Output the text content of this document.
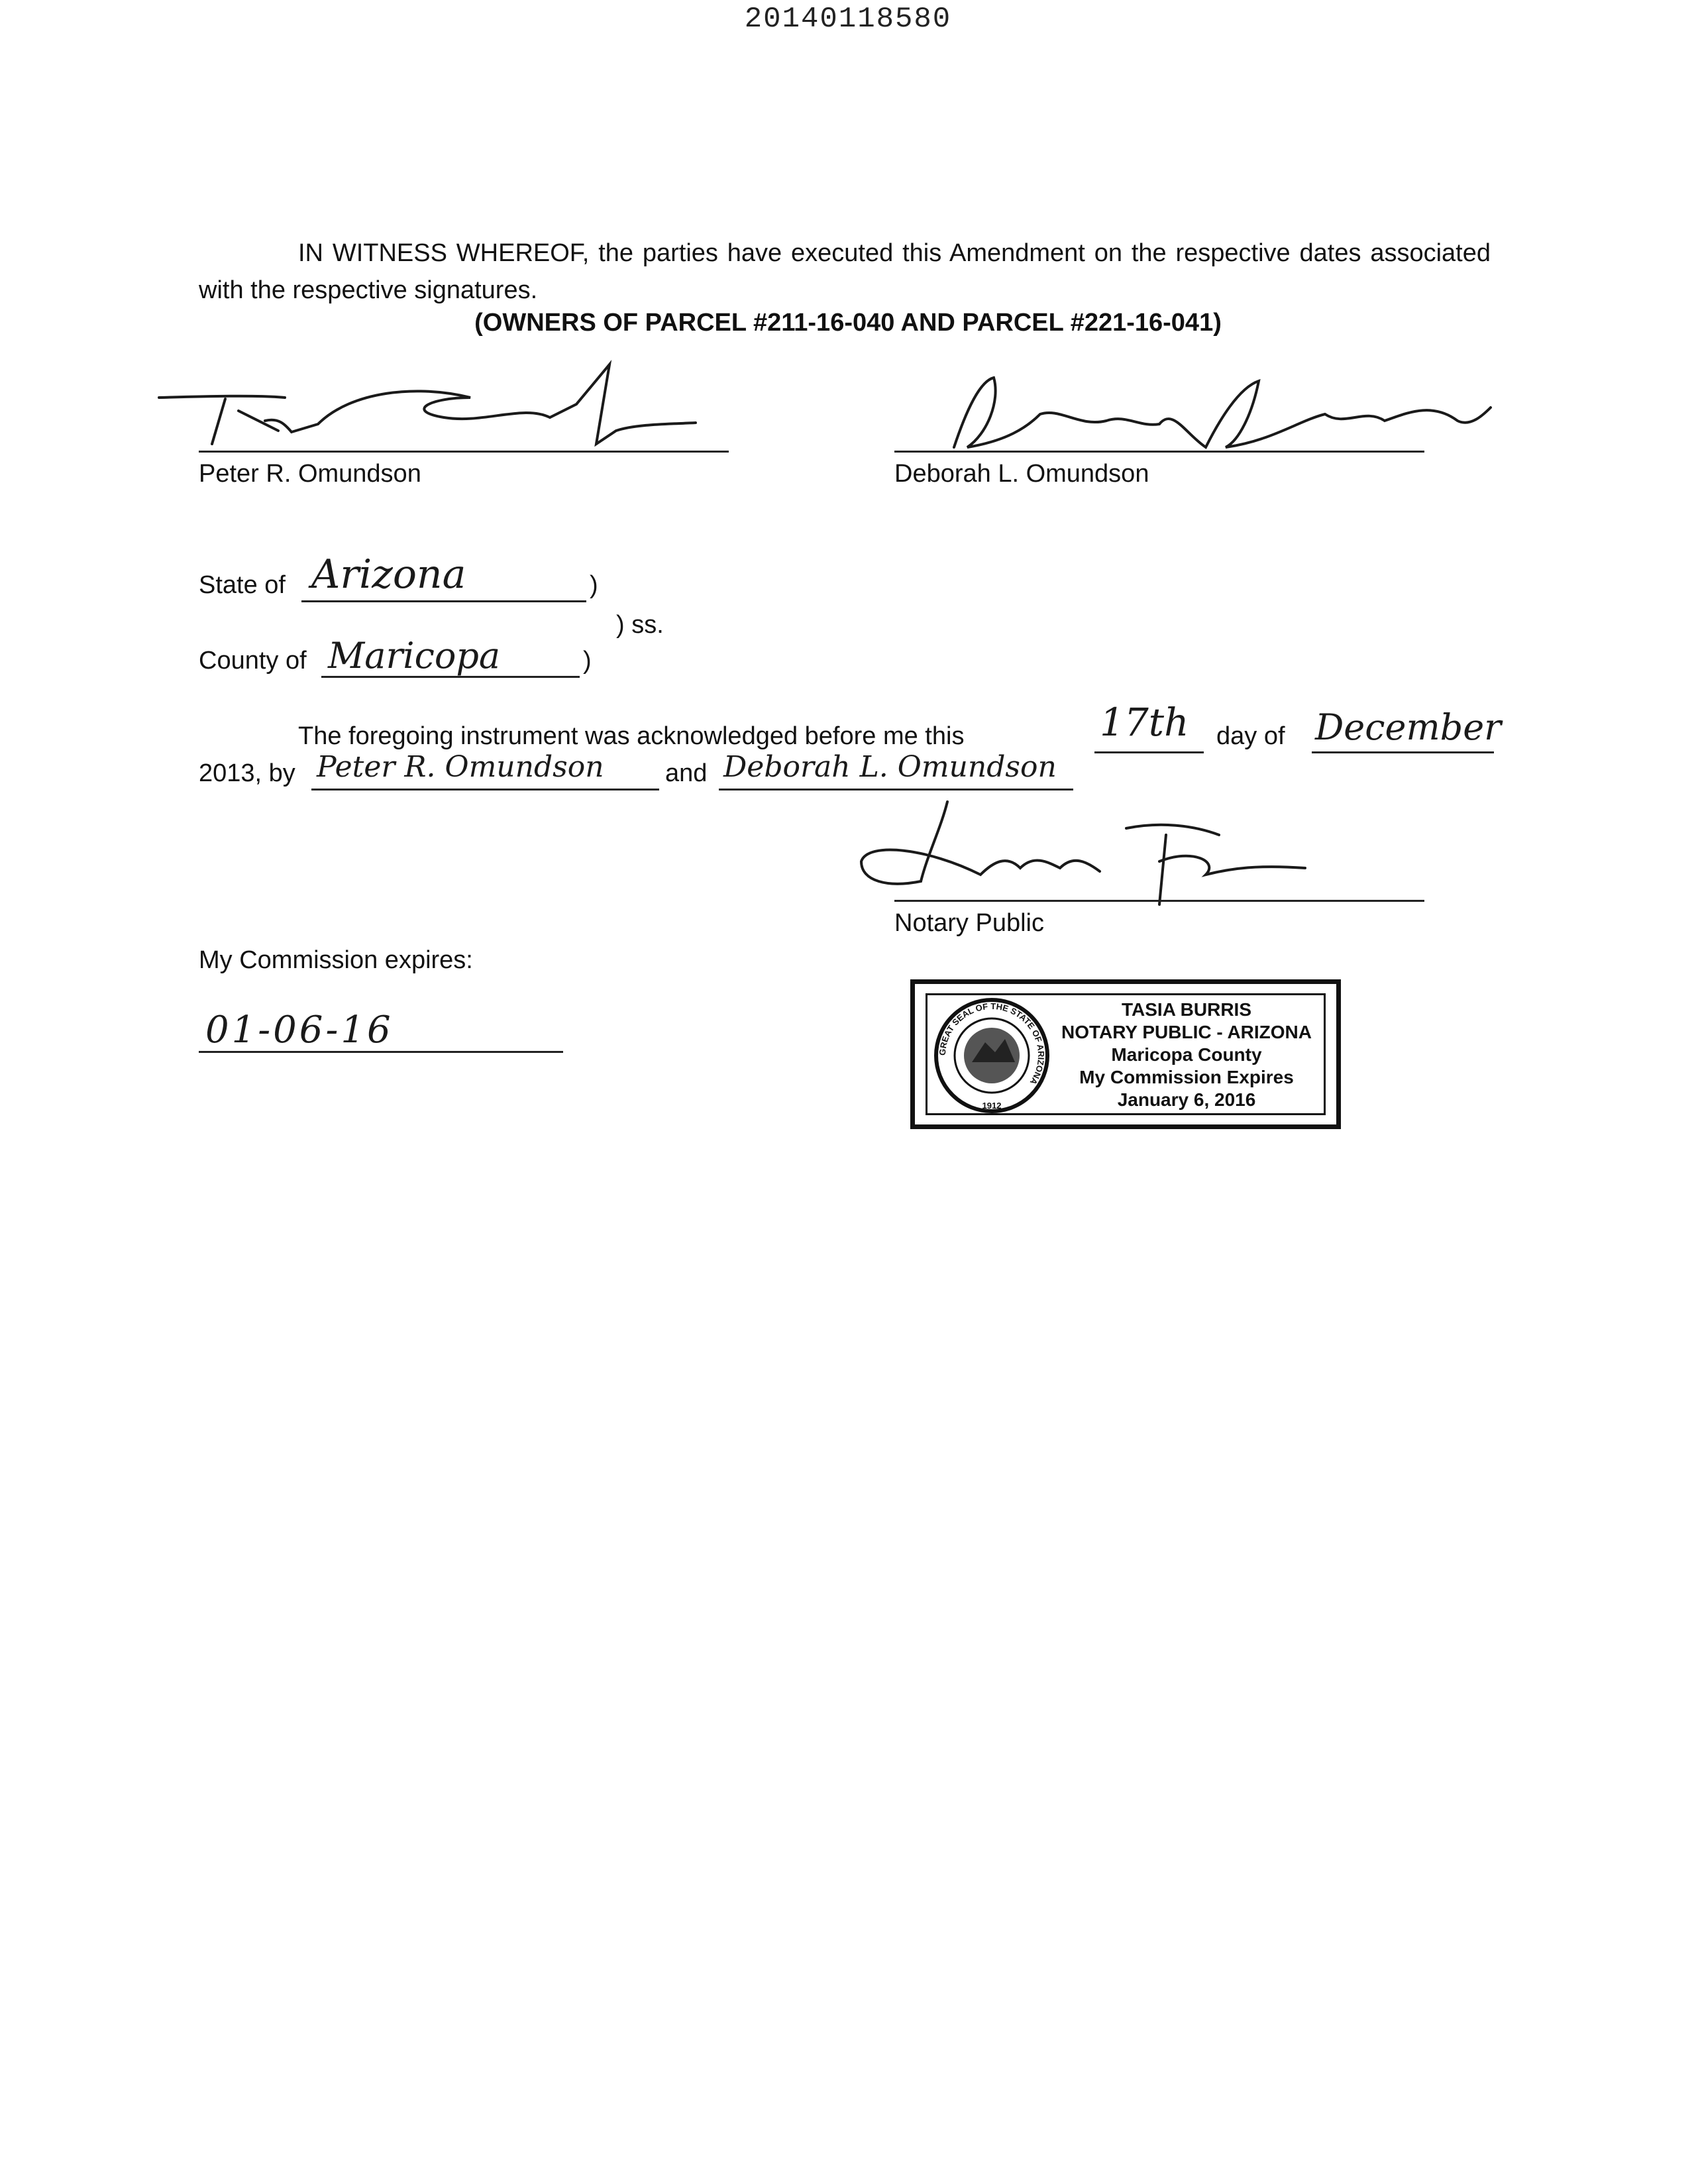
20140118580

IN WITNESS WHEREOF, the parties have executed this Amendment on the respective dates associated with the respective signatures.

(OWNERS OF PARCEL #211-16-040 AND PARCEL #221-16-041)
Peter R. Omundson	Deborah L. Omundson
State of Arizona	)
) ss.
County of Maricopa	)
The foregoing instrument was acknowledged before me this	17th day of December
2013, by Peter R. Omundson and Deborah L. Omundson
Notary Public
My Commission expires:
01-06-16
GREAT SEAL OF THE STATE OF ARIZONA
1912
TASIA BURRIS
NOTARY PUBLIC - ARIZONA
Maricopa County
My Commission Expires
January 6, 2016
